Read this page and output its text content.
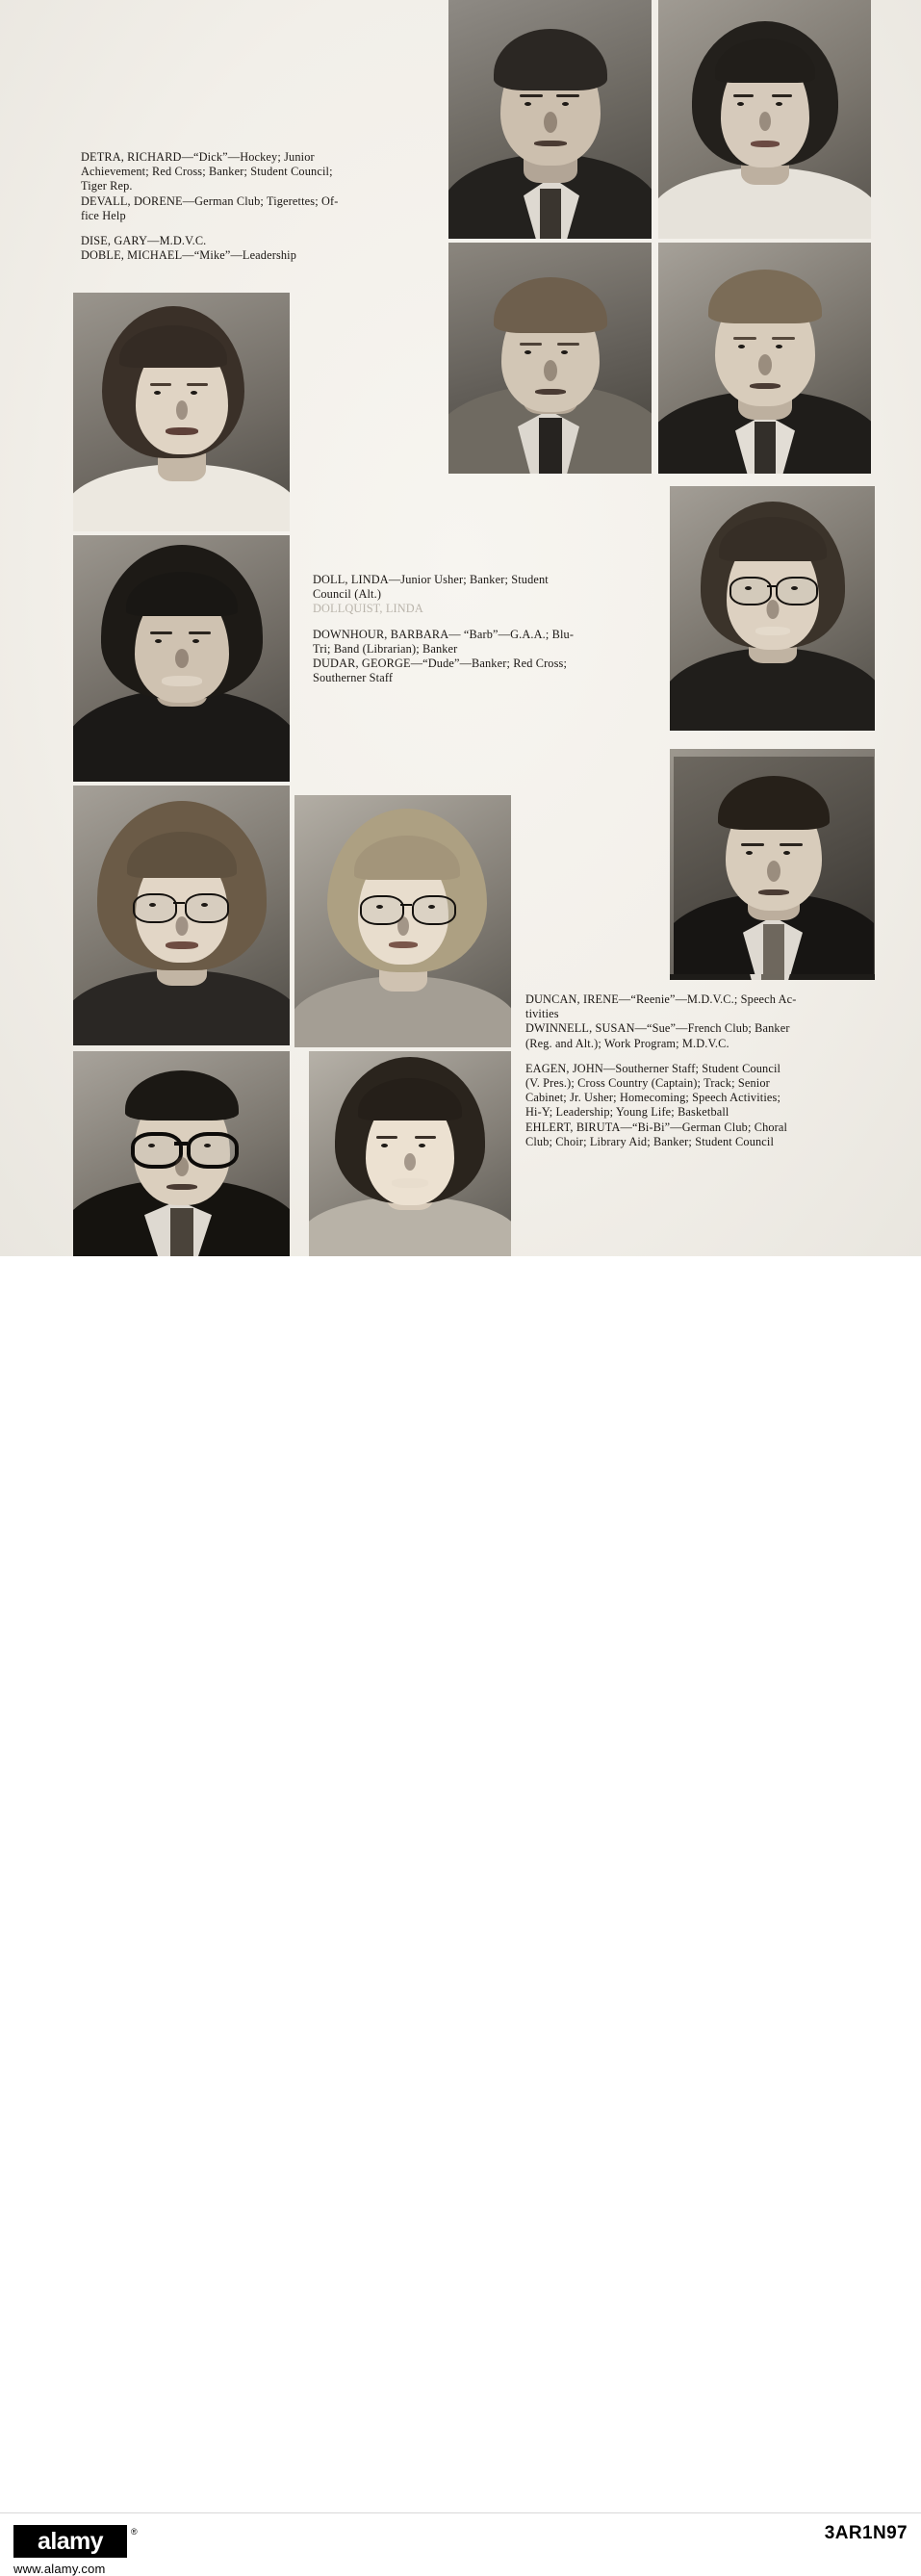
DETRA, RICHARD—“Dick”—Hockey; Junior

Achievement; Red Cross; Banker; Student Council;

Tiger Rep.

DEVALL, DORENE—German Club; Tigerettes; Of-

fice Help

DISE, GARY—M.D.V.C.

DOBLE, MICHAEL—“Mike”—Leadership

DOLL, LINDA—Junior Usher; Banker; Student

Council (Alt.)

DOLLQUIST, LINDA

DOWNHOUR, BARBARA— “Barb”—G.A.A.; Blu-

Tri; Band (Librarian); Banker

DUDAR, GEORGE—“Dude”—Banker; Red Cross;

Southerner Staff

DUNCAN, IRENE—“Reenie”—M.D.V.C.; Speech Ac-

tivities

DWINNELL, SUSAN—“Sue”—French Club; Banker

(Reg. and Alt.); Work Program; M.D.V.C.

EAGEN, JOHN—Southerner Staff; Student Council

(V. Pres.); Cross Country (Captain); Track; Senior

Cabinet; Jr. Usher; Homecoming; Speech Activities;

Hi-Y; Leadership; Young Life; Basketball

EHLERT, BIRUTA—“Bi-Bi”—German Club; Choral

Club; Choir; Library Aid; Banker; Student Council

alamy	®
www.alamy.com
3AR1N97
